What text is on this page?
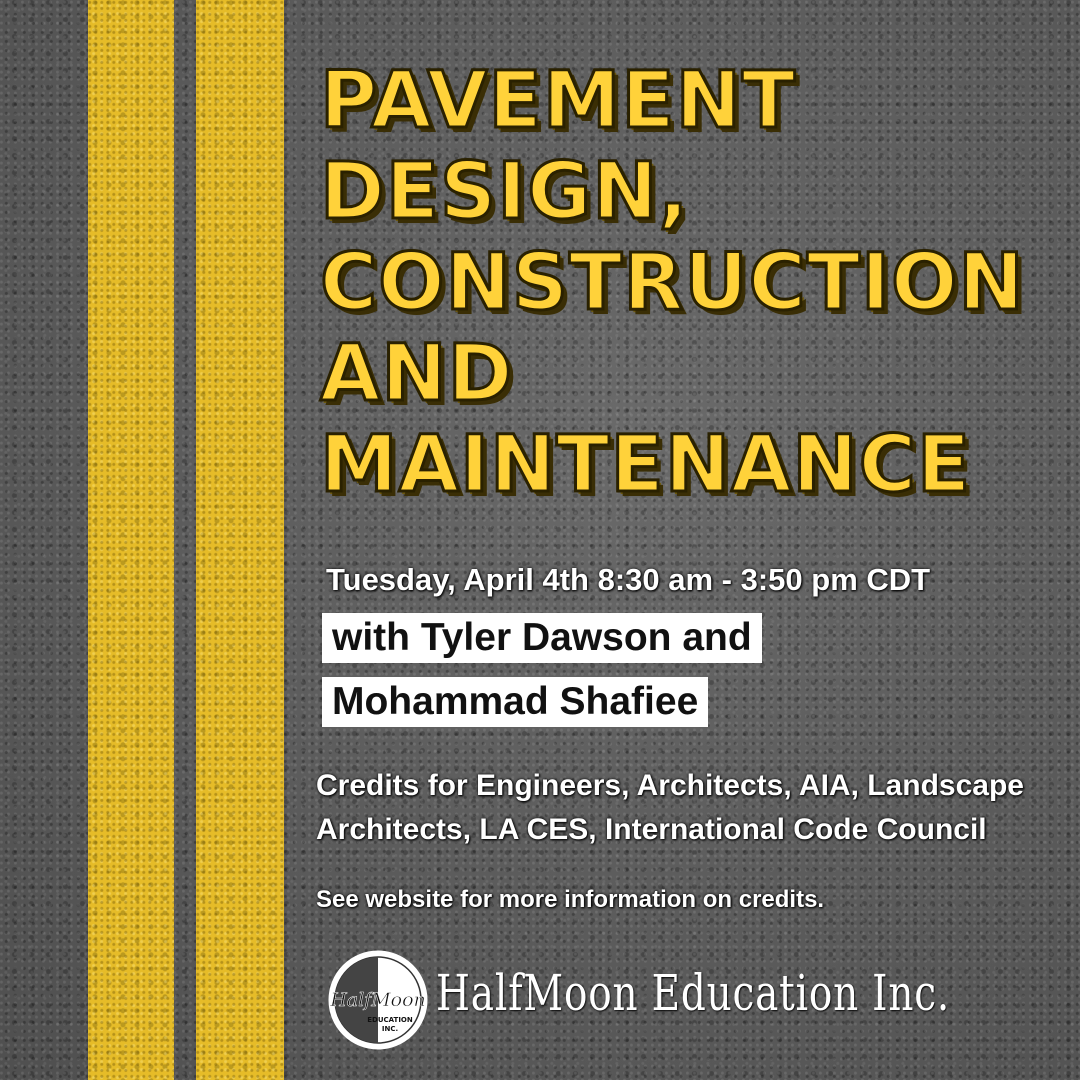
PAVEMENT
DESIGN,
CONSTRUCTION
AND
MAINTENANCE
Tuesday, April 4th 8:30 am - 3:50 pm CDT
with Tyler Dawson and
Mohammad Shafiee
Credits for Engineers, Architects, AIA, Landscape
Architects, LA CES, International Code Council
See website for more information on credits.
HalfMoon
EDUCATION
INC.
HalfMoon Education Inc.
